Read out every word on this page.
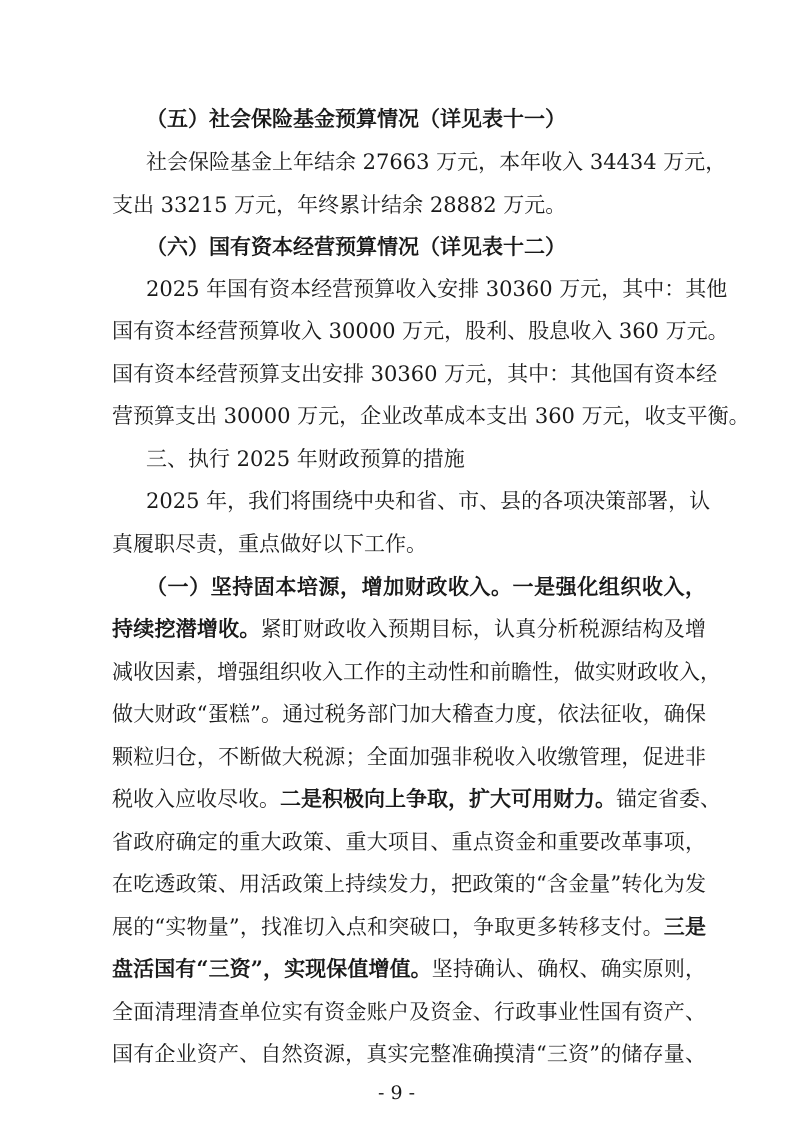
（五）社会保险基金预算情况（详见表十一）
社会保险基金上年结余 27663 万元，本年收入 34434 万元，
支出 33215 万元，年终累计结余 28882 万元。
（六）国有资本经营预算情况（详见表十二）
2025 年国有资本经营预算收入安排 30360 万元，其中：其他
国有资本经营预算收入 30000 万元，股利、股息收入 360 万元。
国有资本经营预算支出安排 30360 万元，其中：其他国有资本经
营预算支出 30000 万元，企业改革成本支出 360 万元，收支平衡。
三、执行 2025 年财政预算的措施
2025 年，我们将围绕中央和省、市、县的各项决策部署，认
真履职尽责，重点做好以下工作。
（一）坚持固本培源，增加财政收入。一是强化组织收入，
持续挖潜增收。紧盯财政收入预期目标，认真分析税源结构及增
减收因素，增强组织收入工作的主动性和前瞻性，做实财政收入，
做大财政“蛋糕”。通过税务部门加大稽查力度，依法征收，确保
颗粒归仓，不断做大税源；全面加强非税收入收缴管理，促进非
税收入应收尽收。二是积极向上争取，扩大可用财力。锚定省委、
省政府确定的重大政策、重大项目、重点资金和重要改革事项，
在吃透政策、用活政策上持续发力，把政策的“含金量”转化为发
展的“实物量”，找准切入点和突破口，争取更多转移支付。三是
盘活国有“三资”，实现保值增值。坚持确认、确权、确实原则，
全面清理清查单位实有资金账户及资金、行政事业性国有资产、
国有企业资产、自然资源，真实完整准确摸清“三资”的储存量、
- 9 -
